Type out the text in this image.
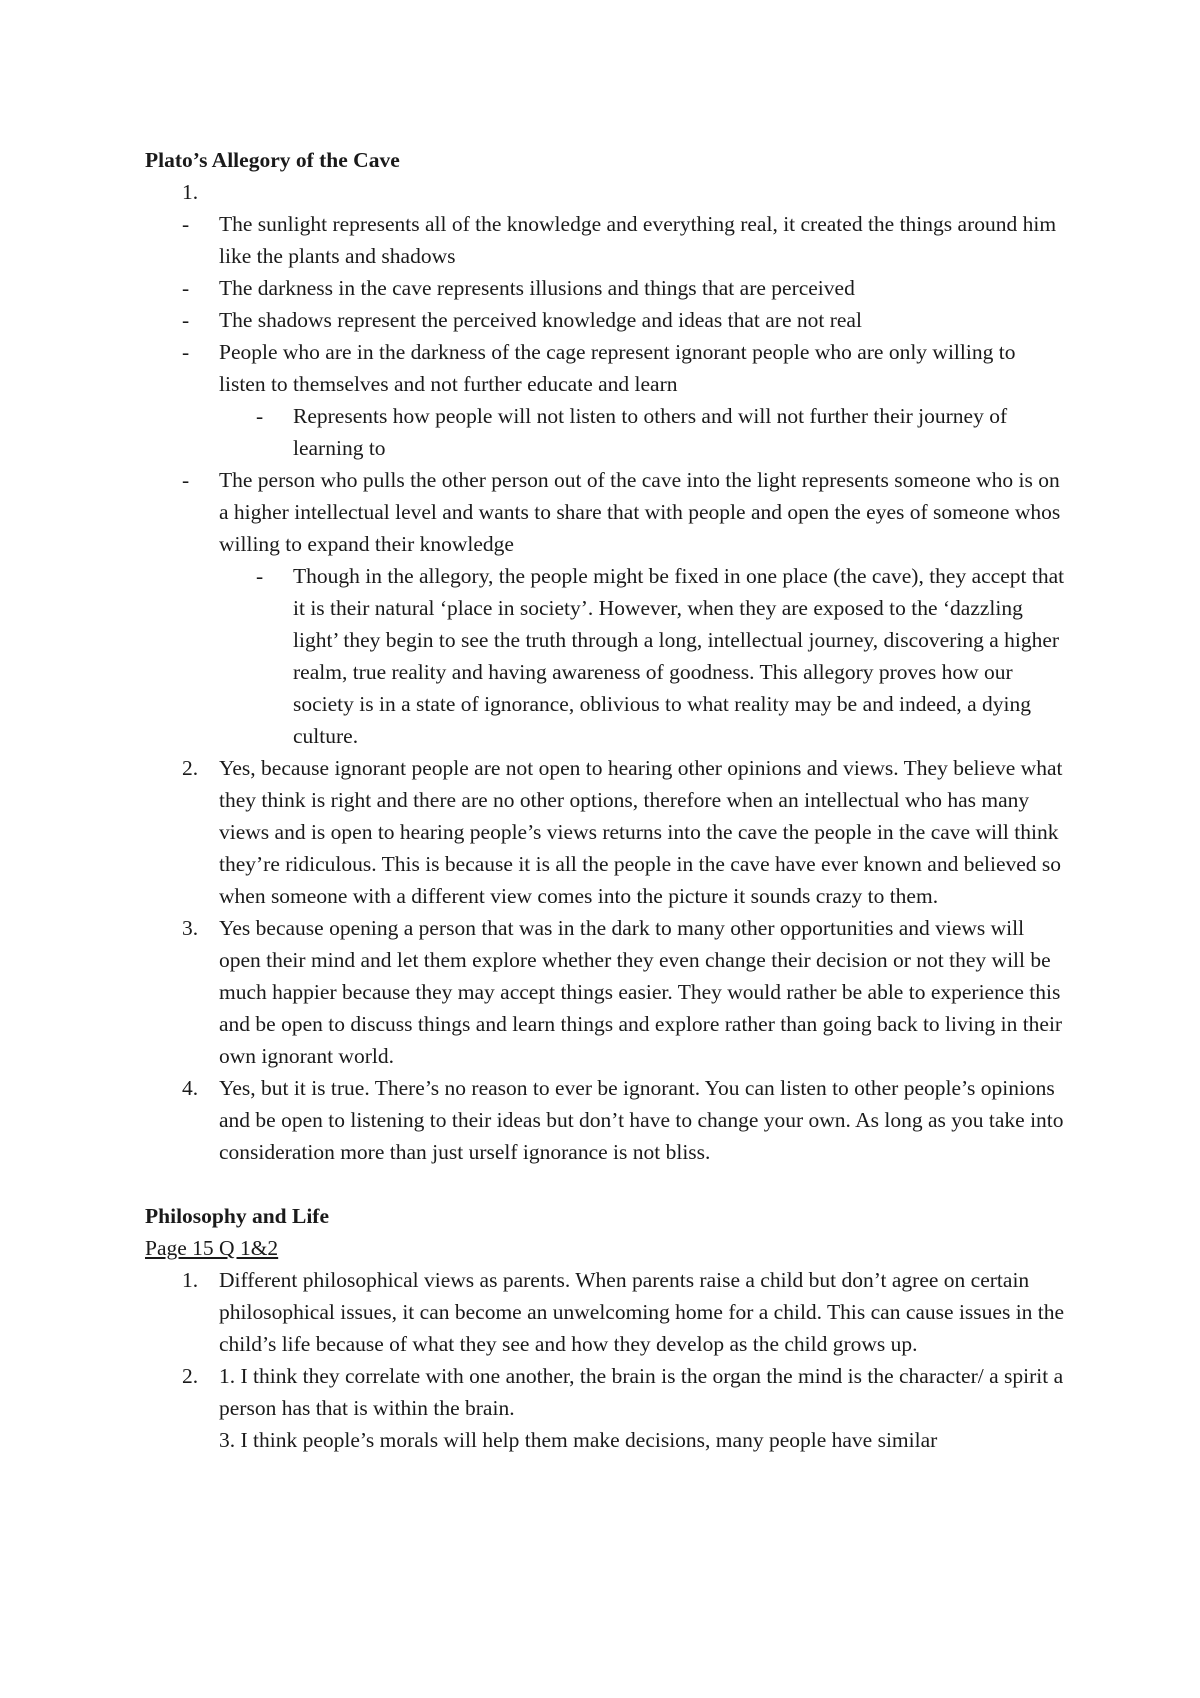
Plato’s Allegory of the Cave

1.
-	The sunlight represents all of the knowledge and everything real, it created the things around him like the plants and shadows
-	The darkness in the cave represents illusions and things that are perceived
-	The shadows represent the perceived knowledge and ideas that are not real
-	People who are in the darkness of the cage represent ignorant people who are only willing to listen to themselves and not further educate and learn
-	Represents how people will not listen to others and will not further their journey of learning to
-	The person who pulls the other person out of the cave into the light represents someone who is on a higher intellectual level and wants to share that with people and open the eyes of someone whos willing to expand their knowledge
-	Though in the allegory, the people might be fixed in one place (the cave), they accept that it is their natural ‘place in society’. However, when they are exposed to the ‘dazzling light’ they begin to see the truth through a long, intellectual journey, discovering a higher realm, true reality and having awareness of goodness. This allegory proves how our society is in a state of ignorance, oblivious to what reality may be and indeed, a dying culture.
2. Yes, because ignorant people are not open to hearing other opinions and views. They believe what they think is right and there are no other options, therefore when an intellectual who has many views and is open to hearing people’s views returns into the cave the people in the cave will think they’re ridiculous. This is because it is all the people in the cave have ever known and believed so when someone with a different view comes into the picture it sounds crazy to them.
3. Yes because opening a person that was in the dark to many other opportunities and views will open their mind and let them explore whether they even change their decision or not they will be much happier because they may accept things easier. They would rather be able to experience this and be open to discuss things and learn things and explore rather than going back to living in their own ignorant world.
4. Yes, but it is true. There’s no reason to ever be ignorant. You can listen to other people’s opinions and be open to listening to their ideas but don’t have to change your own. As long as you take into consideration more than just urself ignorance is not bliss.

Philosophy and Life

Page 15 Q 1&2

1. Different philosophical views as parents. When parents raise a child but don’t agree on certain philosophical issues, it can become an unwelcoming home for a child. This can cause issues in the child’s life because of what they see and how they develop as the child grows up.
2. 1. I think they correlate with one another, the brain is the organ the mind is the character/ a spirit a person has that is within the brain.
3. I think people’s morals will help them make decisions, many people have similar
